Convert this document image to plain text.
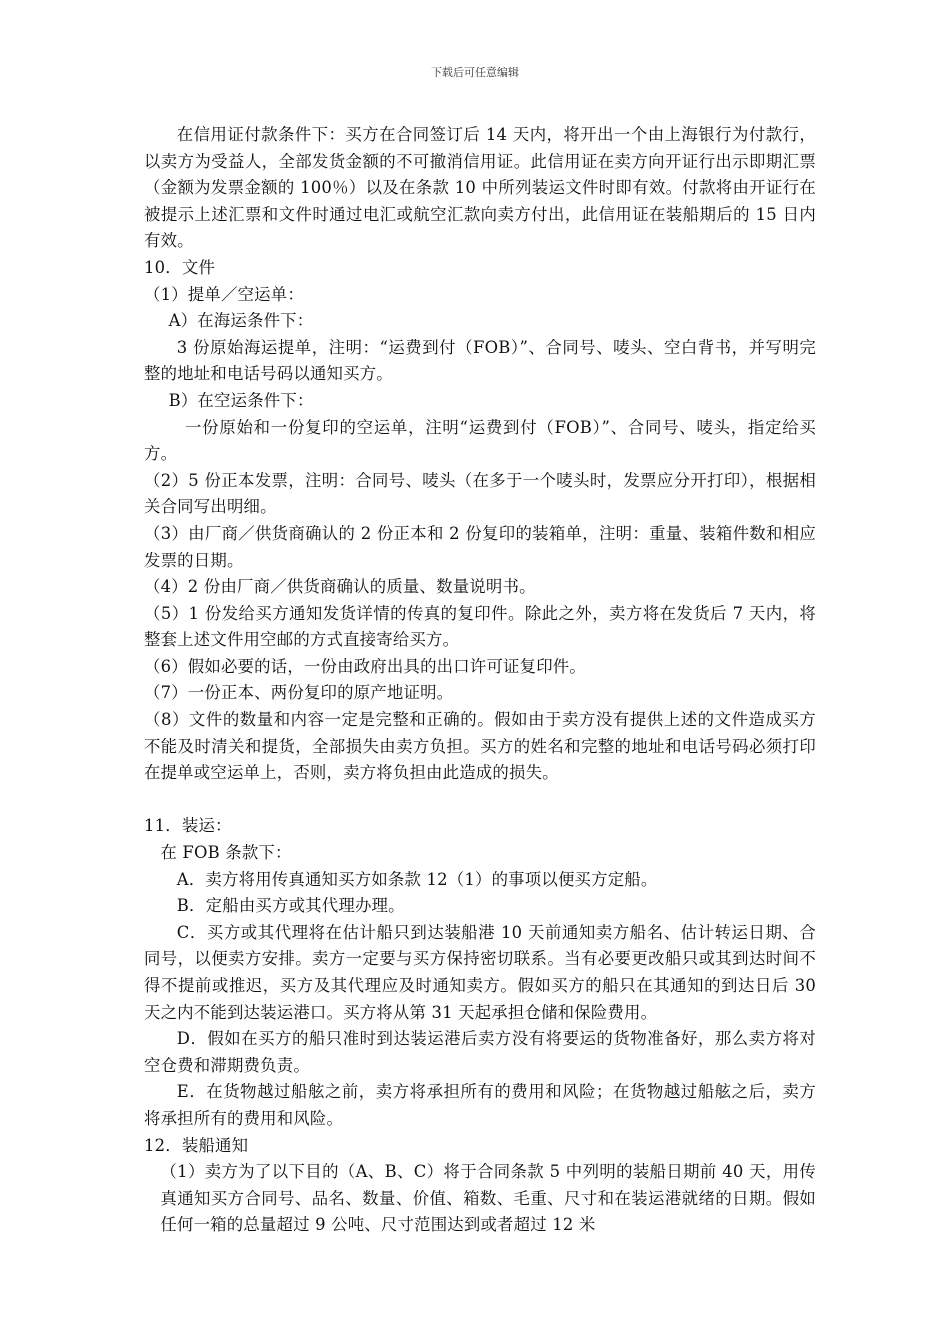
下载后可任意编辑

在信用证付款条件下：买方在合同签订后 14 天内，将开出一个由上海银行为付款行，以卖方为受益人，全部发货金额的不可撤消信用证。此信用证在卖方向开证行出示即期汇票（金额为发票金额的 100％）以及在条款 10 中所列装运文件时即有效。付款将由开证行在被提示上述汇票和文件时通过电汇或航空汇款向卖方付出，此信用证在装船期后的 15 日内有效。

10．文件

（1）提单／空运单：

A）在海运条件下：

3 份原始海运提单，注明：“运费到付（FOB）”、合同号、唛头、空白背书，并写明完整的地址和电话号码以通知买方。

B）在空运条件下：

一份原始和一份复印的空运单，注明“运费到付（FOB）”、合同号、唛头，指定给买方。

（2）5 份正本发票，注明：合同号、唛头（在多于一个唛头时，发票应分开打印），根据相关合同写出明细。

（3）由厂商／供货商确认的 2 份正本和 2 份复印的装箱单，注明：重量、装箱件数和相应发票的日期。

（4）2 份由厂商／供货商确认的质量、数量说明书。

（5）1 份发给买方通知发货详情的传真的复印件。除此之外，卖方将在发货后 7 天内，将整套上述文件用空邮的方式直接寄给买方。

（6）假如必要的话，一份由政府出具的出口许可证复印件。

（7）一份正本、两份复印的原产地证明。

（8）文件的数量和内容一定是完整和正确的。假如由于卖方没有提供上述的文件造成买方不能及时清关和提货，全部损失由卖方负担。买方的姓名和完整的地址和电话号码必须打印在提单或空运单上，否则，卖方将负担由此造成的损失。

11．装运：

在 FOB 条款下：

A．卖方将用传真通知买方如条款 12（1）的事项以便买方定船。

B．定船由买方或其代理办理。

C．买方或其代理将在估计船只到达装船港 10 天前通知卖方船名、估计转运日期、合同号，以便卖方安排。卖方一定要与买方保持密切联系。当有必要更改船只或其到达时间不得不提前或推迟，买方及其代理应及时通知卖方。假如买方的船只在其通知的到达日后 30 天之内不能到达装运港口。买方将从第 31 天起承担仓储和保险费用。

D．假如在买方的船只准时到达装运港后卖方没有将要运的货物准备好，那么卖方将对空仓费和滞期费负责。

E．在货物越过船舷之前，卖方将承担所有的费用和风险；在货物越过船舷之后，卖方将承担所有的费用和风险。

12．装船通知

（1）卖方为了以下目的（A、B、C）将于合同条款 5 中列明的装船日期前 40 天，用传真通知买方合同号、品名、数量、价值、箱数、毛重、尺寸和在装运港就绪的日期。假如任何一箱的总量超过 9 公吨、尺寸范围达到或者超过 12 米
